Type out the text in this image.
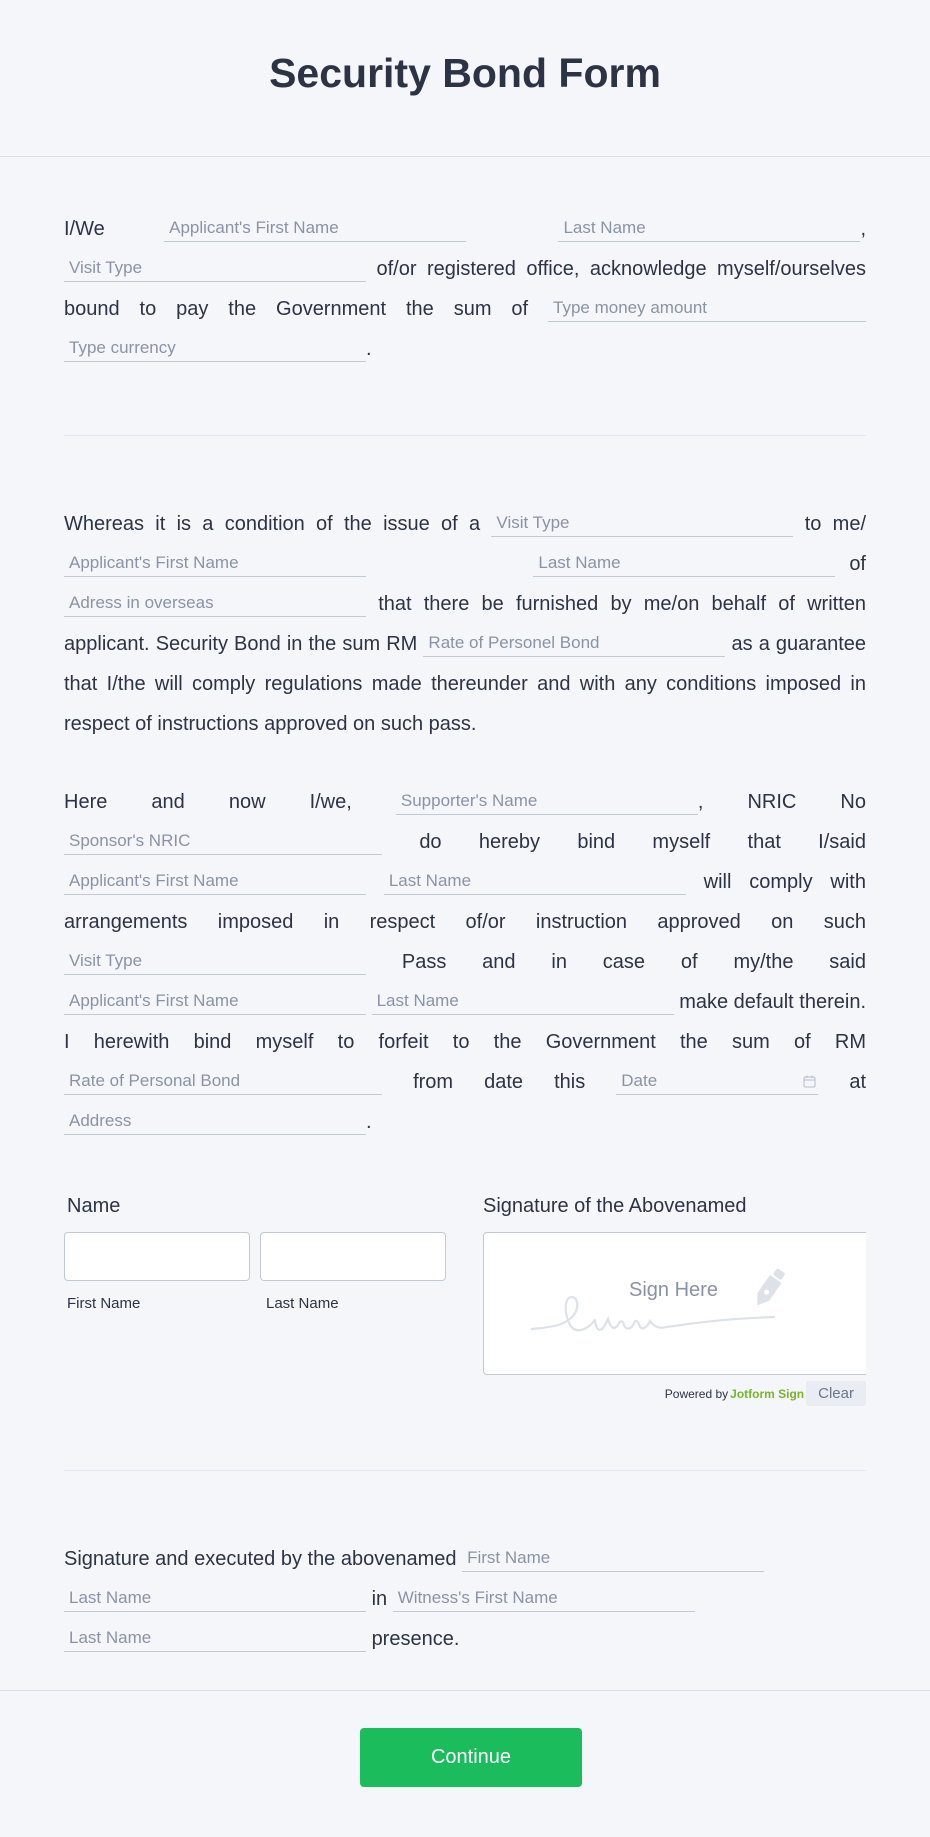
Security Bond Form
I/We	Applicant's First Name	Last Name	, Visit Type	of/or registered office, acknowledge myself/ourselves bound to pay the Government the sum of Type money amount Type currency	.
Whereas it is a condition of the issue of a Visit Type	to me/ Applicant's First Name	Last Name	of Adress in overseas	that there be furnished by me/on behalf of written applicant. Security Bond in the sum RM Rate of Personel Bond	as a guarantee that I/the will comply regulations made thereunder and with any conditions imposed in respect of instructions approved on such pass.
Here and now I/we,	Supporter's Name	, NRIC No Sponsor's NRIC	do hereby bind myself that I/said Applicant's First Name	Last Name	will comply with arrangements imposed in respect of/or instruction approved on such Visit Type	Pass and in case of my/the said Applicant's First Name	Last Name	make default therein. I herewith bind myself to forfeit to the Government the sum of RM Rate of Personal Bond	from date this Date	at
Address	.
Name
First Name	Last Name
Signature of the Abovenamed
Sign Here
Powered by Jotform Sign Clear
Signature and executed by the abovenamed First Name
Last Name	in Witness's First Name
Last Name	presence.
Continue
